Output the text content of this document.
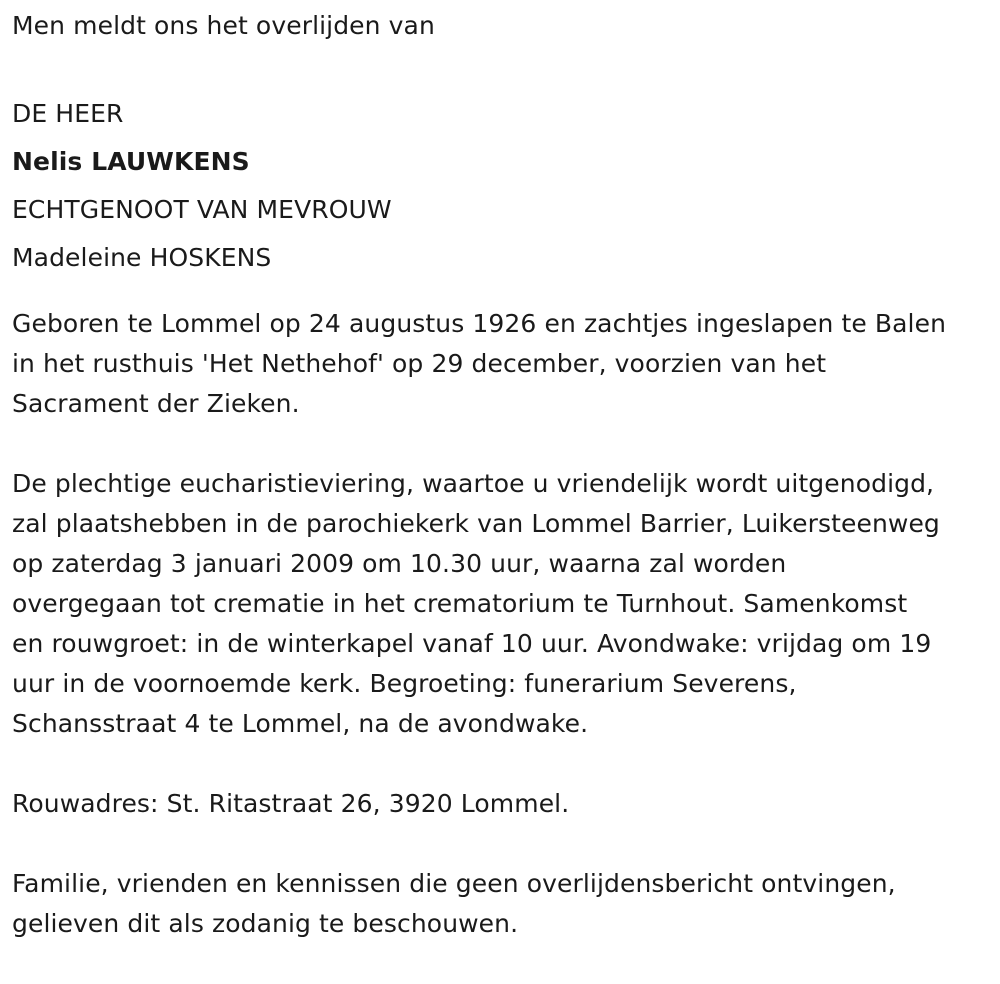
Men meldt ons het overlijden van
DE HEER
Nelis LAUWKENS
ECHTGENOOT VAN MEVROUW
Madeleine HOSKENS
Geboren te Lommel op 24 augustus 1926 en zachtjes ingeslapen te Balen
in het rusthuis 'Het Nethehof' op 29 december, voorzien van het
Sacrament der Zieken.
De plechtige eucharistieviering, waartoe u vriendelijk wordt uitgenodigd,
zal plaatshebben in de parochiekerk van Lommel Barrier, Luikersteenweg
op zaterdag 3 januari 2009 om 10.30 uur, waarna zal worden
overgegaan tot crematie in het crematorium te Turnhout. Samenkomst
en rouwgroet: in de winterkapel vanaf 10 uur. Avondwake: vrijdag om 19
uur in de voornoemde kerk. Begroeting: funerarium Severens,
Schansstraat 4 te Lommel, na de avondwake.
Rouwadres: St. Ritastraat 26, 3920 Lommel.
Familie, vrienden en kennissen die geen overlijdensbericht ontvingen,
gelieven dit als zodanig te beschouwen.
